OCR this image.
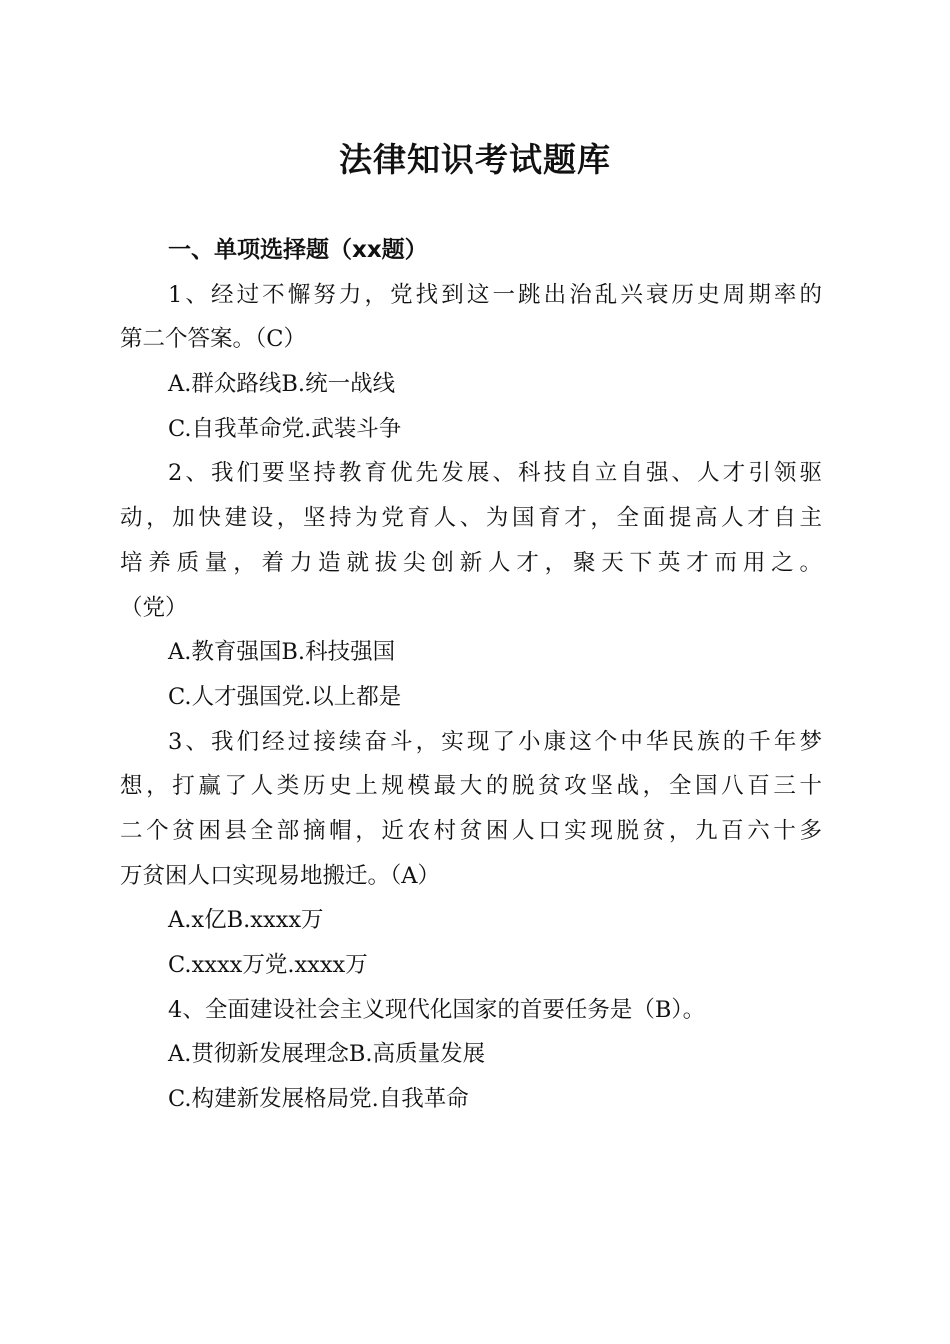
法律知识考试题库
一、单项选择题（xx题）
1、经过不懈努力，党找到这一跳出治乱兴衰历史周期率的
第二个答案。（C）
A.群众路线B.统一战线
C.自我革命党.武装斗争
2、我们要坚持教育优先发展、科技自立自强、人才引领驱
动，加快建设，坚持为党育人、为国育才，全面提高人才自主
培养质量，着力造就拔尖创新人才，聚天下英才而用之。
（党）
A.教育强国B.科技强国
C.人才强国党.以上都是
3、我们经过接续奋斗，实现了小康这个中华民族的千年梦
想，打赢了人类历史上规模最大的脱贫攻坚战，全国八百三十
二个贫困县全部摘帽，近农村贫困人口实现脱贫，九百六十多
万贫困人口实现易地搬迁。（A）
A.x亿B.xxxx万
C.xxxx万党.xxxx万
4、全面建设社会主义现代化国家的首要任务是（B）。
A.贯彻新发展理念B.高质量发展
C.构建新发展格局党.自我革命
